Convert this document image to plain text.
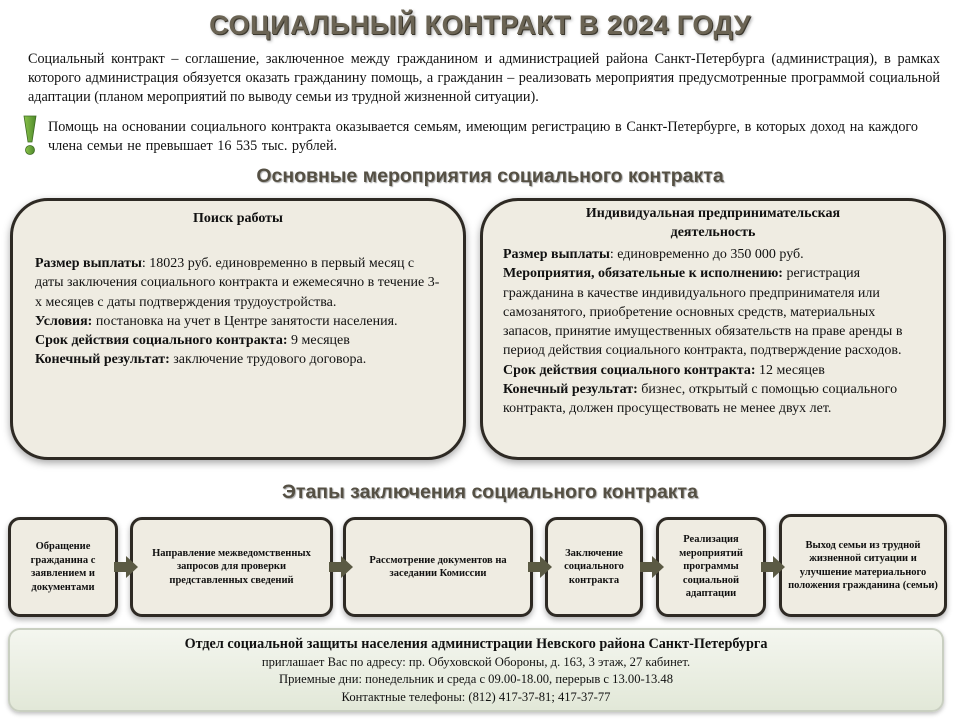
СОЦИАЛЬНЫЙ КОНТРАКТ В 2024 ГОДУ
Социальный контракт – соглашение, заключенное между гражданином и администрацией района Санкт-Петербурга (администрация), в рамках которого администрация обязуется оказать гражданину помощь, а гражданин – реализовать мероприятия предусмотренные программой социальной адаптации (планом мероприятий по выводу семьи из трудной жизненной ситуации).
Помощь на основании социального контракта оказывается семьям, имеющим регистрацию в Санкт-Петербурге, в которых доход на каждого члена семьи не превышает 16 535 тыс. рублей.
Основные мероприятия социального контракта
Поиск работы

Размер выплаты: 18023 руб. единовременно в первый месяц с даты заключения социального контракта и ежемесячно в течение 3-х месяцев с даты подтверждения трудоустройства.

Условия: постановка на учет в Центре занятости населения.

Срок действия социального контракта: 9 месяцев

Конечный результат: заключение трудового договора.

Индивидуальная предпринимательская деятельность

Размер выплаты: единовременно до 350 000 руб.

Мероприятия, обязательные к исполнению: регистрация гражданина в качестве индивидуального предпринимателя или самозанятого, приобретение основных средств, материальных запасов, принятие имущественных обязательств на праве аренды в период действия социального контракта, подтверждение расходов.

Срок действия социального контракта: 12 месяцев

Конечный результат: бизнес, открытый с помощью социального контракта, должен просуществовать не менее двух лет.

Этапы заключения социального контракта
Обращение гражданина с заявлением и документами
Направление межведомственных запросов для проверки представленных сведений
Рассмотрение документов на заседании Комиссии
Заключение социального контракта
Реализация мероприятий программы социальной адаптации
Выход семьи из трудной жизненной ситуации и улучшение материального положения гражданина (семьи)
Отдел социальной защиты населения администрации Невского района Санкт-Петербурга
приглашает Вас по адресу: пр. Обуховской Обороны, д. 163, 3 этаж, 27 кабинет.
Приемные дни: понедельник и среда с 09.00-18.00, перерыв с 13.00-13.48
Контактные телефоны: (812) 417-37-81; 417-37-77
